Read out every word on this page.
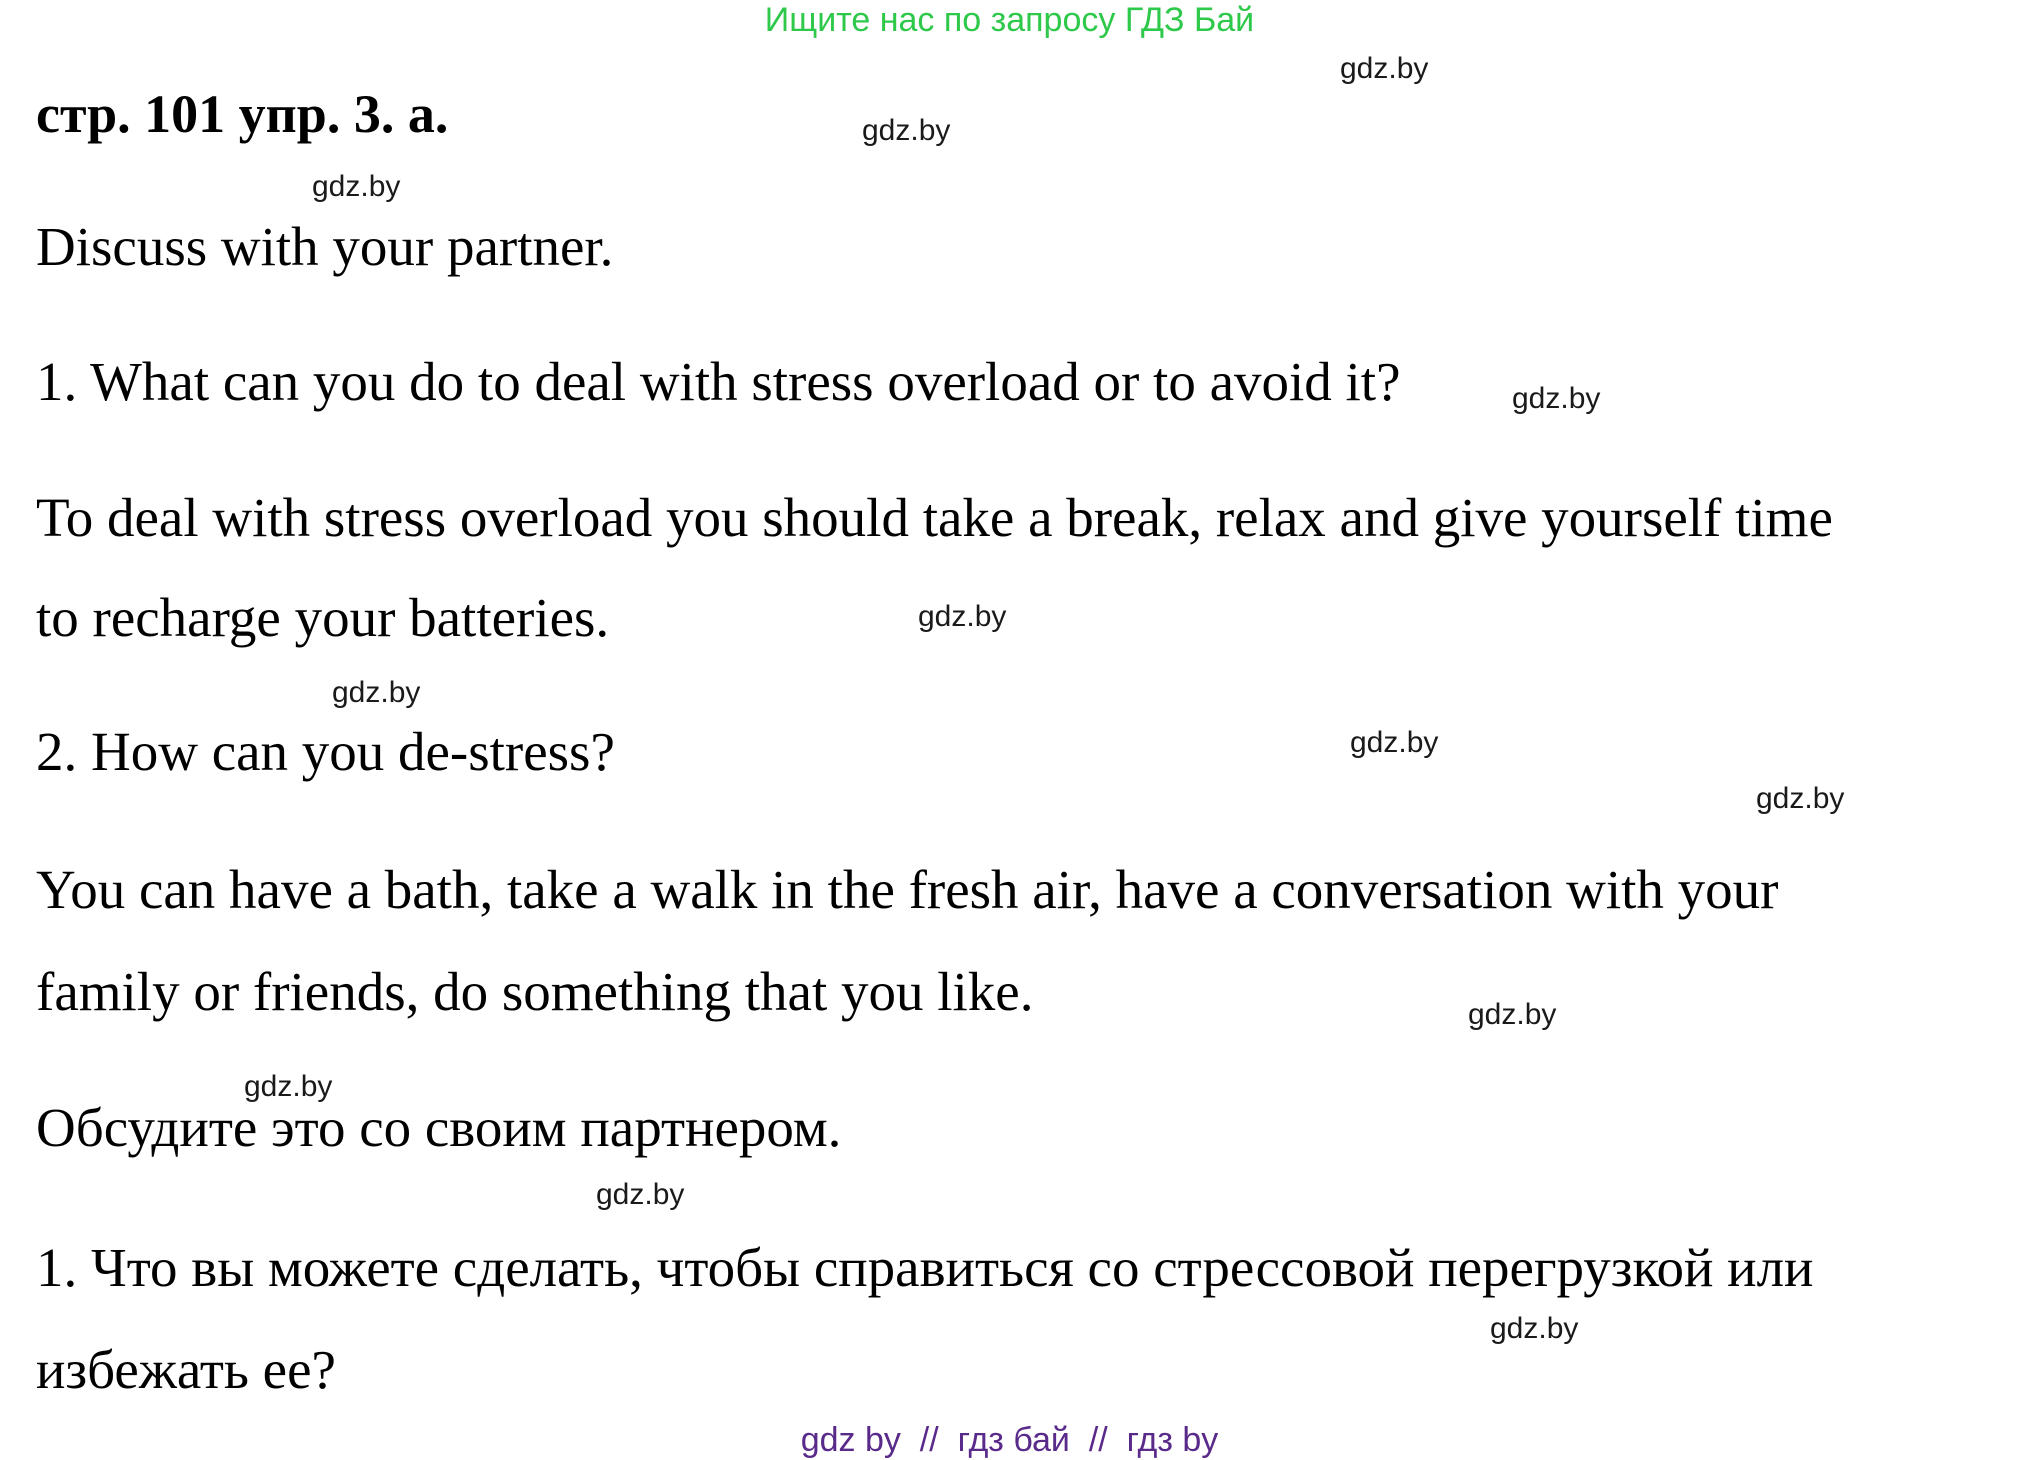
Ищите нас по запросу ГДЗ Бай
стр. 101 упр. 3. a.
gdz.by
gdz.by
gdz.by
Discuss with your partner.
1. What can you do to deal with stress overload or to avoid it?	gdz.by
To deal with stress overload you should take a break, relax and give yourself time
to recharge your batteries.	gdz.by
gdz.by
2. How can you de-stress?	gdz.by
gdz.by
You can have a bath, take a walk in the fresh air, have a conversation with your
family or friends, do something that you like.	gdz.by
gdz.by
Обсудите это со своим партнером.
gdz.by
1. Что вы можете сделать, чтобы справиться со стрессовой перегрузкой или
gdz.by
избежать ее?
gdz by  //  гдз бай  //  гдз by
